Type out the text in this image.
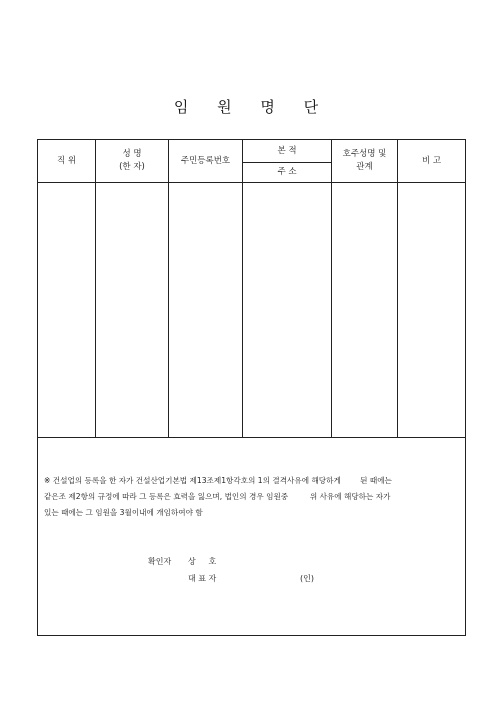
임 원 명 단
직 위
성 명
(한 자)
주민등록번호
본 적
주 소
호주성명 및
관계
비 고
※ 건설업의 등록을 한 자가 건설산업기본법 제13조제1항각호의 1의 결격사유에 해당하게        된 때에는
같은조 제2항의 규정에 따라 그 등록은 효력을 잃으며, 법인의 경우 임원중         위 사유에 해당하는 자가
있는 때에는 그 임원을 3월이내에 개임하여야 함
확인자 상     호
대 표 자	(인)
